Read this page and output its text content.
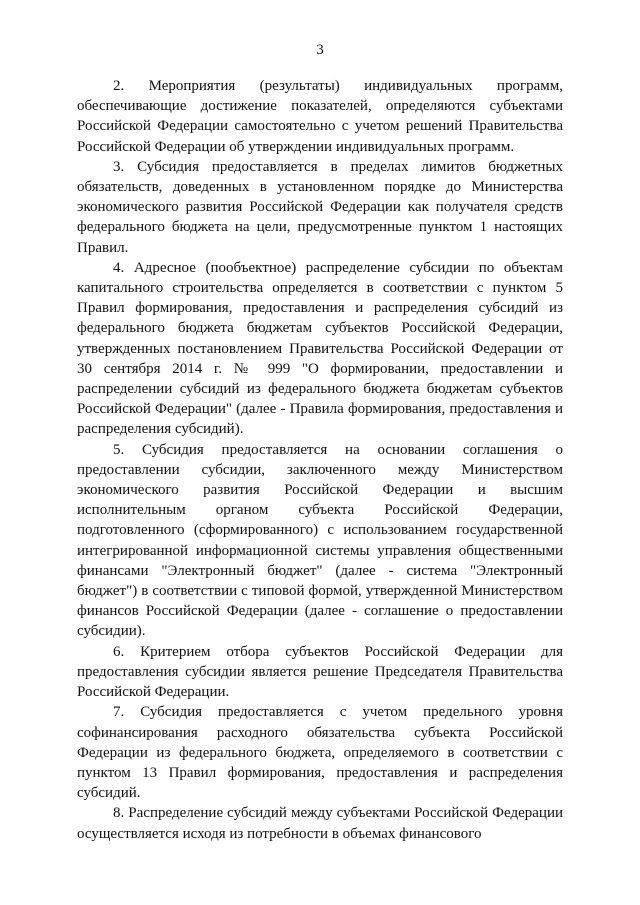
3

2. Мероприятия (результаты) индивидуальных программ, обеспечивающие достижение показателей, определяются субъектами Российской Федерации самостоятельно с учетом решений Правительства Российской Федерации об утверждении индивидуальных программ.

3. Субсидия предоставляется в пределах лимитов бюджетных обязательств, доведенных в установленном порядке до Министерства экономического развития Российской Федерации как получателя средств федерального бюджета на цели, предусмотренные пунктом 1 настоящих Правил.

4. Адресное (пообъектное) распределение субсидии по объектам капитального строительства определяется в соответствии с пунктом 5 Правил формирования, предоставления и распределения субсидий из федерального бюджета бюджетам субъектов Российской Федерации, утвержденных постановлением Правительства Российской Федерации от 30 сентября 2014 г. № 999 "О формировании, предоставлении и распределении субсидий из федерального бюджета бюджетам субъектов Российской Федерации" (далее - Правила формирования, предоставления и распределения субсидий).

5. Субсидия предоставляется на основании соглашения о предоставлении субсидии, заключенного между Министерством экономического развития Российской Федерации и высшим исполнительным органом субъекта Российской Федерации, подготовленного (сформированного) с использованием государственной интегрированной информационной системы управления общественными финансами "Электронный бюджет" (далее - система "Электронный бюджет") в соответствии с типовой формой, утвержденной Министерством финансов Российской Федерации (далее - соглашение о предоставлении субсидии).

6. Критерием отбора субъектов Российской Федерации для предоставления субсидии является решение Председателя Правительства Российской Федерации.

7. Субсидия предоставляется с учетом предельного уровня софинансирования расходного обязательства субъекта Российской Федерации из федерального бюджета, определяемого в соответствии с пунктом 13 Правил формирования, предоставления и распределения субсидий.

8. Распределение субсидий между субъектами Российской Федерации осуществляется исходя из потребности в объемах финансового
